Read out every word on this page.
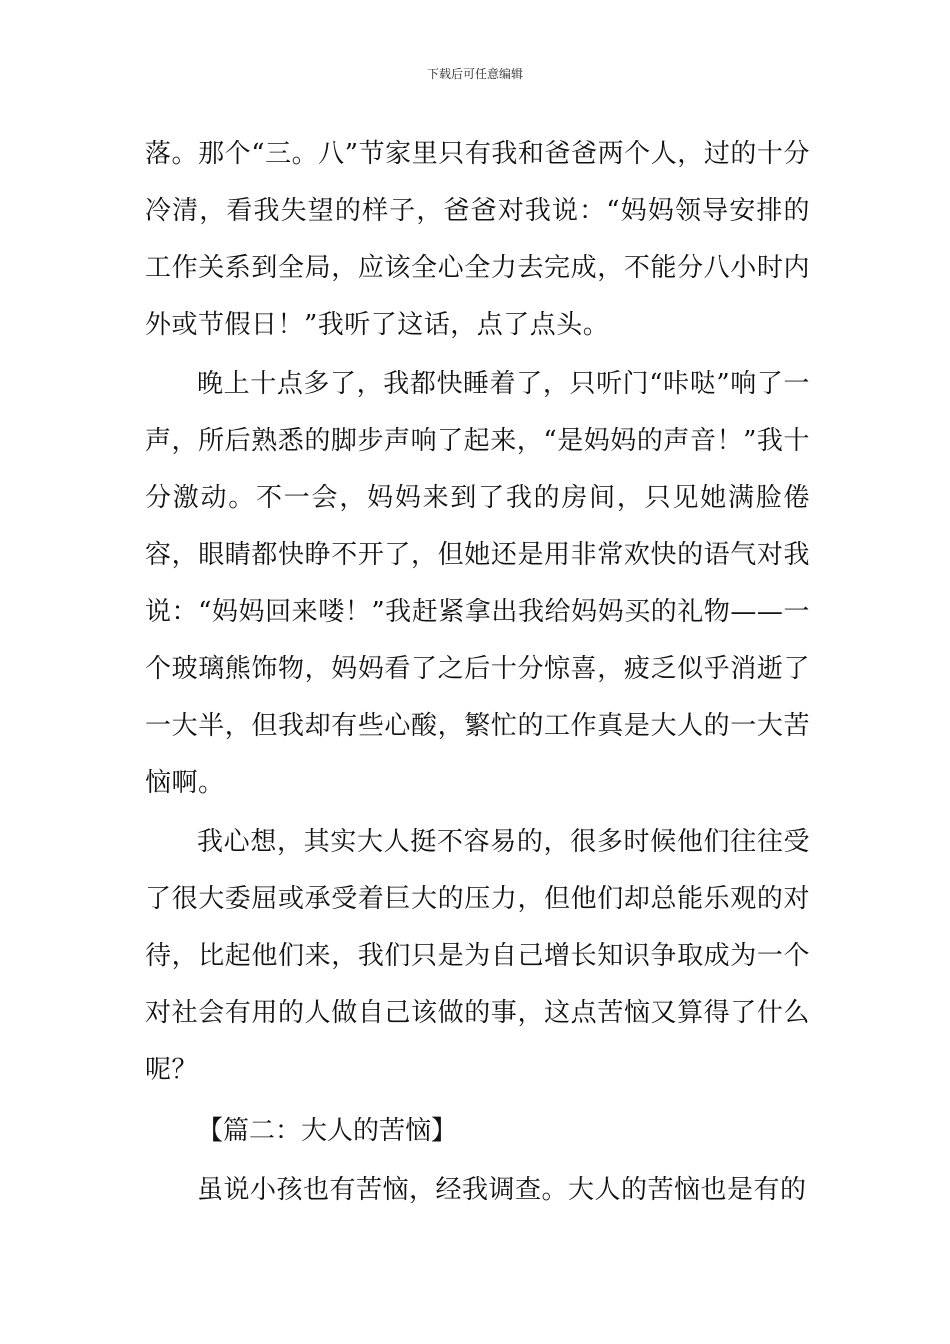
下载后可任意编辑

落。那个“三。八”节家里只有我和爸爸两个人，过的十分冷清，看我失望的样子，爸爸对我说：“妈妈领导安排的工作关系到全局，应该全心全力去完成，不能分八小时内外或节假日！”我听了这话，点了点头。

晚上十点多了，我都快睡着了，只听门“咔哒”响了一声，所后熟悉的脚步声响了起来，“是妈妈的声音！”我十分激动。不一会，妈妈来到了我的房间，只见她满脸倦容，眼睛都快睁不开了，但她还是用非常欢快的语气对我说：“妈妈回来喽！”我赶紧拿出我给妈妈买的礼物——一个玻璃熊饰物，妈妈看了之后十分惊喜，疲乏似乎消逝了一大半，但我却有些心酸，繁忙的工作真是大人的一大苦恼啊。

我心想，其实大人挺不容易的，很多时候他们往往受了很大委屈或承受着巨大的压力，但他们却总能乐观的对待，比起他们来，我们只是为自己增长知识争取成为一个对社会有用的人做自己该做的事，这点苦恼又算得了什么呢？

【篇二：大人的苦恼】

虽说小孩也有苦恼，经我调查。大人的苦恼也是有的
